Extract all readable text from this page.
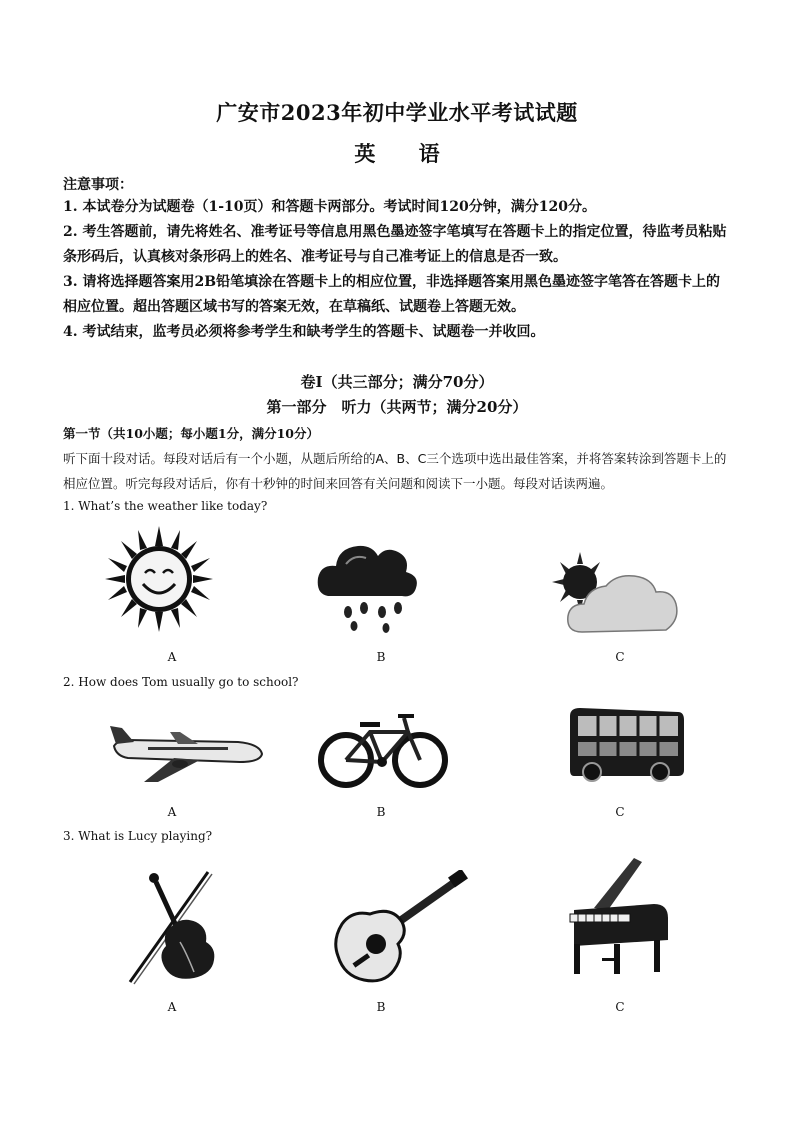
广安市2023年初中学业水平考试试题
英 语
注意事项：
1. 本试卷分为试题卷（1-10页）和答题卡两部分。考试时间120分钟，满分120分。
2. 考生答题前，请先将姓名、准考证号等信息用黑色墨迹签字笔填写在答题卡上的指定位置，待监考员粘贴条形码后，认真核对条形码上的姓名、准考证号与自己准考证上的信息是否一致。
3. 请将选择题答案用2B铅笔填涂在答题卡上的相应位置，非选择题答案用黑色墨迹签字笔答在答题卡上的相应位置。超出答题区域书写的答案无效，在草稿纸、试题卷上答题无效。
4. 考试结束，监考员必须将参考学生和缺考学生的答题卡、试题卷一并收回。
卷Ⅰ（共三部分；满分70分）
第一部分　听力（共两节；满分20分）
第一节（共10小题；每小题1分，满分10分）
听下面十段对话。每段对话后有一个小题，从题后所给的A、B、C三个选项中选出最佳答案，并将答案转涂到答题卡上的相应位置。听完每段对话后，你有十秒钟的时间来回答有关问题和阅读下一小题。每段对话读两遍。
1. What’s the weather like today?
A	B	C
2. How does Tom usually go to school?
A	B	C
3. What is Lucy playing?
A	B	C
